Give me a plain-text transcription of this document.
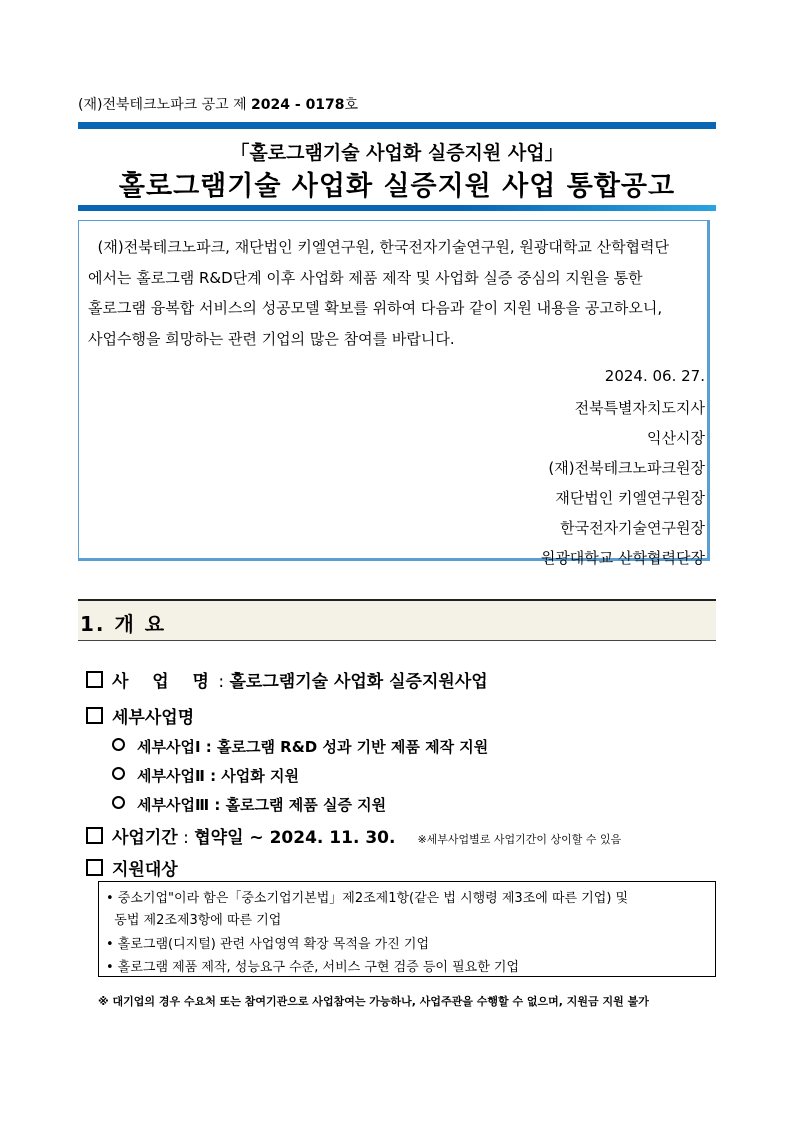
(재)전북테크노파크 공고 제 2024 - 0178호
「홀로그램기술 사업화 실증지원 사업」
홀로그램기술 사업화 실증지원 사업 통합공고
(재)전북테크노파크, 재단법인 키엘연구원, 한국전자기술연구원, 원광대학교 산학협력단
에서는 홀로그램 R&D단계 이후 사업화 제품 제작 및 사업화 실증 중심의 지원을 통한
홀로그램 융복합 서비스의 성공모델 확보를 위하여 다음과 같이 지원 내용을 공고하오니,
사업수행을 희망하는 관련 기업의 많은 참여를 바랍니다.
2024. 06. 27.
전북특별자치도지사
익산시장
(재)전북테크노파크원장
재단법인 키엘연구원장
한국전자기술연구원장
원광대학교 산학협력단장
1. 개 요
사  업  명 : 홀로그램기술 사업화 실증지원사업
세부사업명
세부사업Ⅰ : 홀로그램 R&D 성과 기반 제품 제작 지원
세부사업Ⅱ : 사업화 지원
세부사업Ⅲ : 홀로그램 제품 실증 지원
사업기간 : 협약일 ~ 2024. 11. 30. ※세부사업별로 사업기간이 상이할 수 있음
지원대상
• 중소기업"이라 함은「중소기업기본법」제2조제1항(같은 법 시행령 제3조에 따른 기업) 및
동법 제2조제3항에 따른 기업
• 홀로그램(디지털) 관련 사업영역 확장 목적을 가진 기업
• 홀로그램 제품 제작, 성능요구 수준, 서비스 구현 검증 등이 필요한 기업
※ 대기업의 경우 수요처 또는 참여기관으로 사업참여는 가능하나, 사업주관을 수행할 수 없으며, 지원금 지원 불가
